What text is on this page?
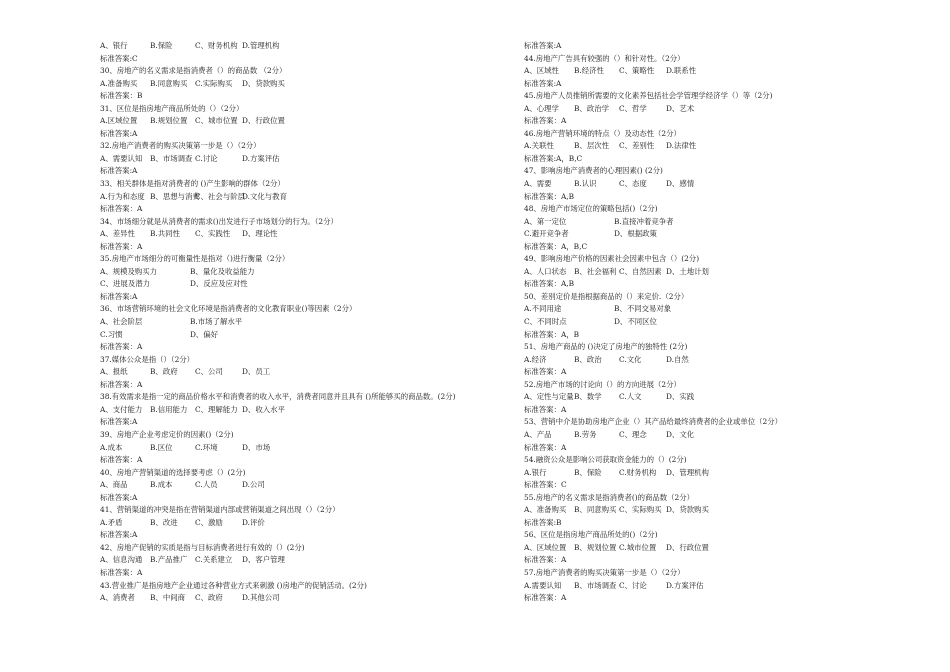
A、银行	B.保险	C、财务机构 D.管理机构
标准答案:C
30、房地产的名义需求是指消费者（）的商品数 （2分）
A.准备购买 B.同意购买 C.实际购买 D、贷款购买
标准答案：B
31、区位是指房地产商品所处的（）（2分）
A.区域位置 B.规划位置 C、城市位置 D、行政位置
标准答案:A
32.房地产消费者的购买决策第一步是（）（2分）
A、需要认知 B、市场调查 C.讨论	D.方案评估
标准答案:A
33、相关群体是指对消费者的 ()产生影响的群体（2分）
A.行为和态度 B、思想与消费
C、社会与阶层
D.文化与教育
标准答案：A
34、市场细分就是从消费者的需求()出发进行子市场划分的行为。（2分）
A、差异性 B.共同性 C、实践性 D、理论性
标准答案：A
35.房地产市场细分的可衡量性是指对（)进行衡量（2分）
A、规模及购买力	B、量化及收益能力
C、进展及潜力	D、反应及应对性
标准答案:A
36、市场营销环境的社会文化环境是指消费者的文化教育职业()等因素（2分）
A、社会阶层	B.市场了解水平
C.习惯	D、偏好
标准答案：A
37.媒体公众是指（）（2分）
A、报纸	B、政府 C、公司	D、员工
标准答案：A
38.有效需求是指一定的商品价格水平和消费者的收入水平，消费者同意并且具有 ()所能够买的商品数。(2分)
A、支付能力 B.信用能力 C、理解能力 D、收入水平
标准答案:A
39、房地产企业考虑定价的因素()（2分)
A.成本	B.区位	C.环境	D、市场
标准答案：A
40、房地产营销渠道的选择要考虑（）(2分)
A、商品	B.成本	C.人员	D.公司
标准答案:A
41、营销渠道的冲突是指在营销渠道内部或营销渠道之间出现（）（2分）
A.矛盾	B、改进 C、激励	D.评价
标准答案:A
42、房地产促销的实质是指与目标消费者进行有效的（）(2分)
A、信息沟通 B.产品推广 C.关系建立 D、客户管理
标准答案：A
43.营业推广是指房地产企业通过各种营业方式来刺激 ()房地产的促销活动。(2分)
A、消费者 B、中间商 C、政府	D.其他公司
标准答案:A
44.房地产广告具有较强的（）和针对性。（2分）
A、区域性 B.经济性 C、策略性 D.联系性
标准答案:A
45.房地产人员推销所需要的文化素养包括社会学管理学经济学（）等（2分)
A、心理学 B、政治学 C、哲学	D、艺术
标准答案：A
46.房地产营销环境的特点（）及动态性（2分）
A.关联性	B、层次性 C、差别性 D.法律性
标准答案:A，B,C
47、影响房地产消费者的心理因素() (2分)
A、需要	B.认识	C、态度	D、感情
标准答案：A,B
48、房地产市场定位的策略包括()（2分)
A、第一定位	B.直接冲着竞争者
C.避开竞争者	D、根据政策
标准答案：A，B,C
49、影响房地产价格的因素社会因素中包含（）(2分)
A、人口状态 B、社会福利 C、自然因素 D、土地计划
标准答案：A,B
50、差别定价是指根据商品的（）来定价.（2分）
A.不同用途	B、不同交易对象
C、不同时点	D、不同区位
标准答案：A，B
51、房地产商品的 ()决定了房地产的独特性 (2分)
A.经济	B、政治 C.文化	D.自然
标准答案：A
52.房地产市场的讨论向（）的方向进展（2分）
A、定性与定量 B、数学 C.人文	D、实践
标准答案：A
53、营销中介是协助房地产企业（）其产品给最终消费者的企业或单位（2分）
A、产品	B.劳务	C、理念	D、文化
标准答案：A
54.融资公众是影响公司获取资金能力的（）(2分)
A.银行	B、保险 C.财务机构 D、管理机构
标准答案：C
55.房地产的名义需求是指消费者()的商品数（2分）
A、准备购买 B、同意购买 C、实际购买 D、贷款购买
标准答案:B
56、区位是指房地产商品所处的()（2分)
A、区域位置 B、规划位置 C.城市位置 D、行政位置
标准答案：A
57.房地产消费者的购买决策第一步是（）（2分）
A.需要认知 B、市场调查 C、讨论	D.方案评估
标准答案：A
